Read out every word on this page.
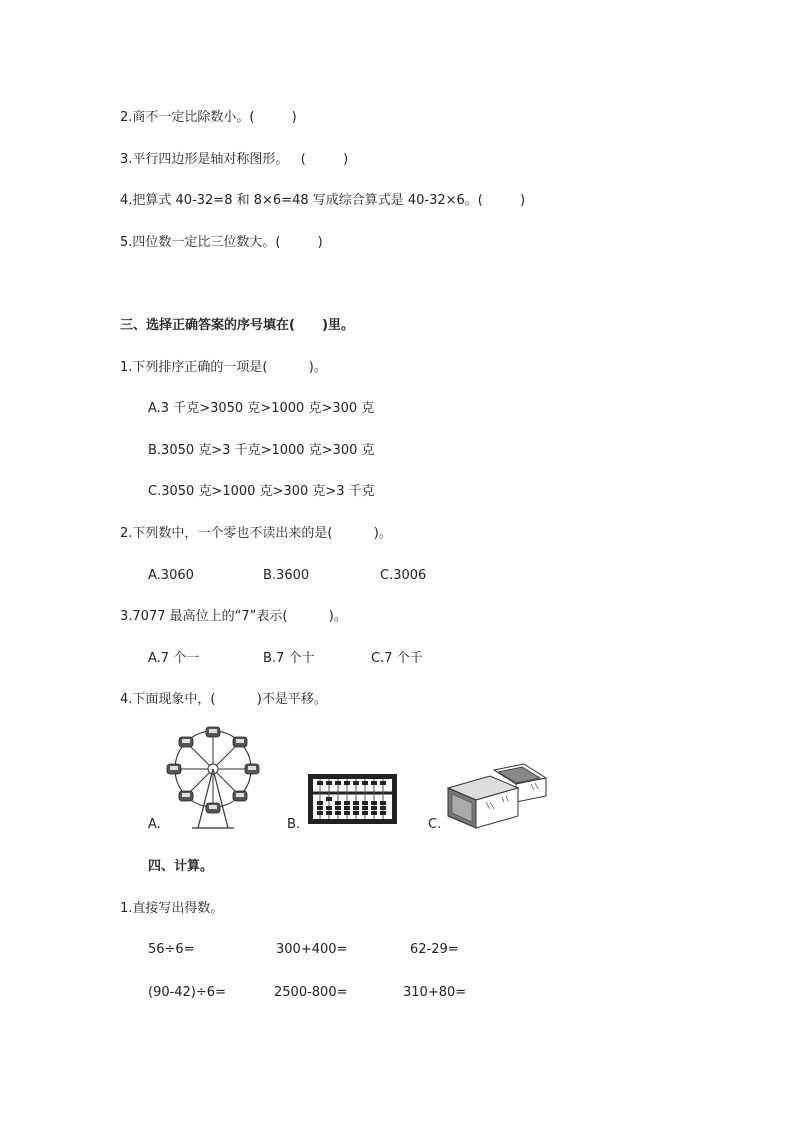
2.商不一定比除数小。(         )
3.平行四边形是轴对称图形。   (         )
4.把算式 40-32=8 和 8×6=48 写成综合算式是 40-32×6。(         )
5.四位数一定比三位数大。(         )
三、选择正确答案的序号填在(      )里。
1.下列排序正确的一项是(          )。
A.3 千克>3050 克>1000 克>300 克
B.3050 克>3 千克>1000 克>300 克
C.3050 克>1000 克>300 克>3 千克
2.下列数中，一个零也不读出来的是(          )。
A.3060	B.3600	C.3006
3.7077 最高位上的“7”表示(          )。
A.7 个一	B.7 个十	C.7 个千
4.下面现象中，(          )不是平移。
A.	B.	C.
四、计算。
1.直接写出得数。
56÷6=	300+400=	62-29=
(90-42)÷6=	2500-800=	310+80=
